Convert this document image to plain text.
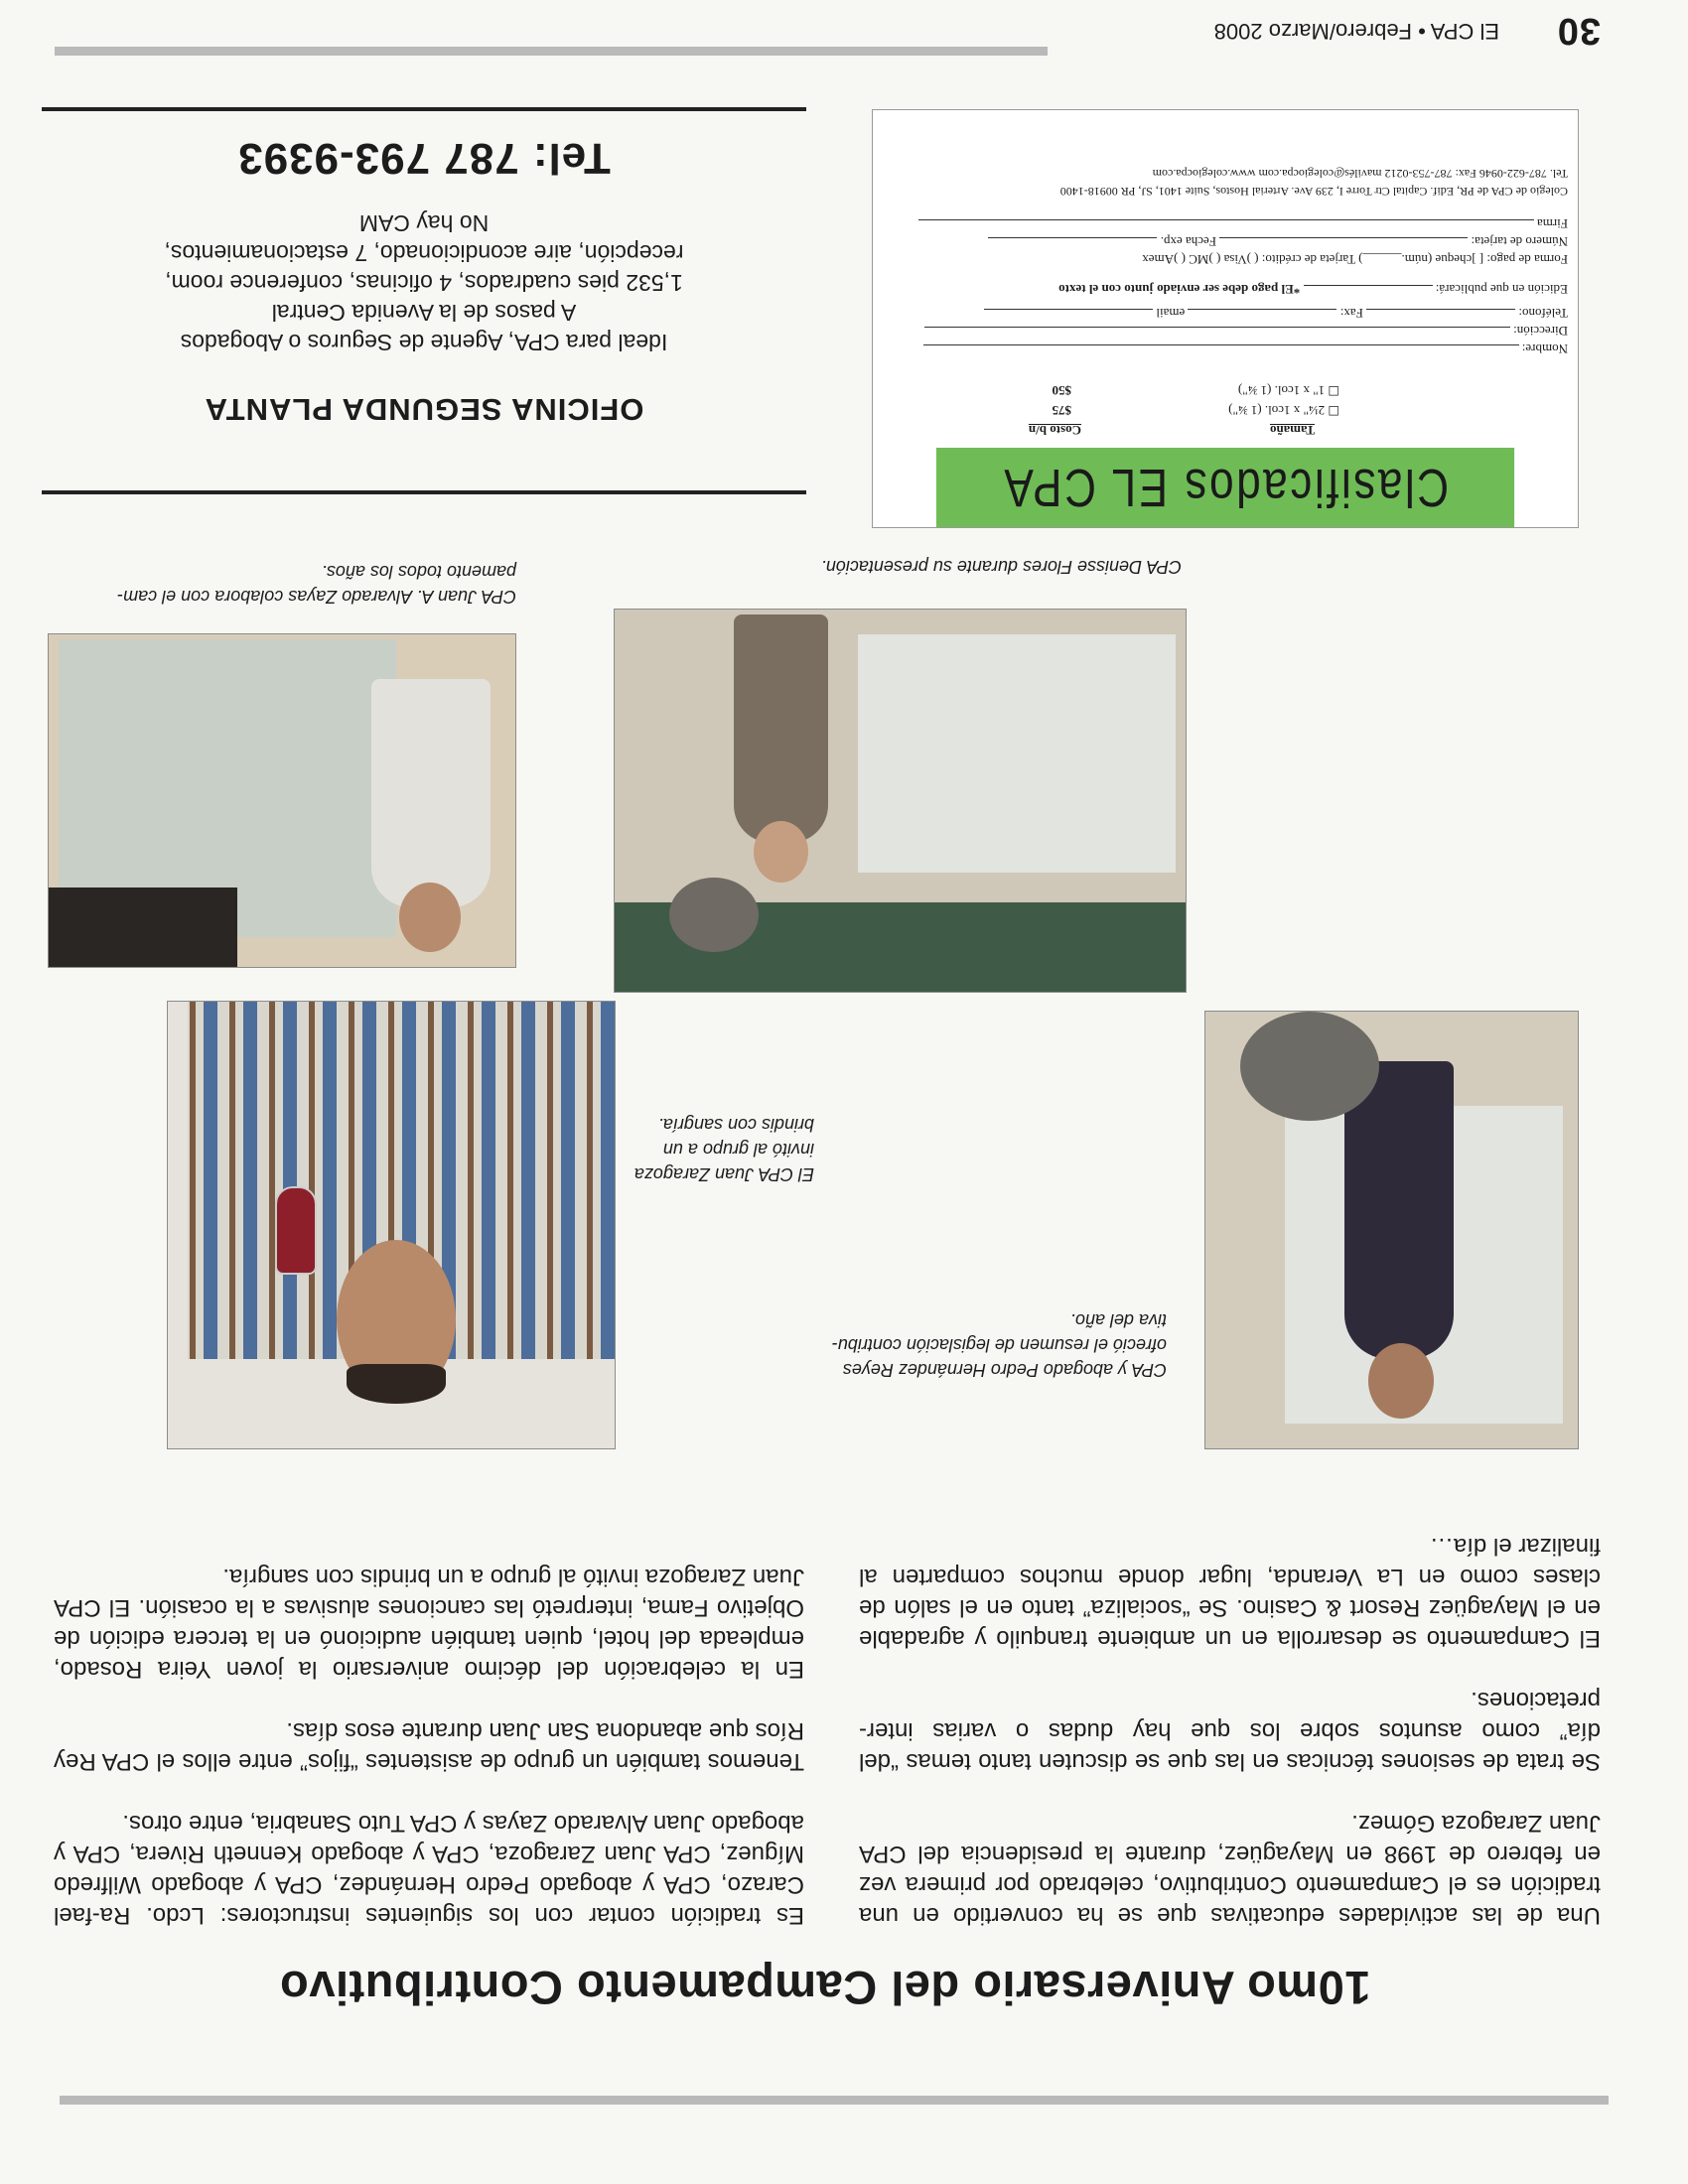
30
El CPA • Febrero/Marzo 2008
Clasificados EL CPA
Tamaño
Costo b/n
☐ 2¼" x 1col. (1 ¾")
$75
☐ 1" x 1col. (1 ¾")
$50
Nombre:
Dirección:
Teléfono:  Fax:  email
Edición en que publicará:  *El pago debe ser enviado junto con el texto
Forma de pago: [ ]cheque (núm.______) Tarjeta de crédito: ( )Visa ( )MC ( )Amex
Número de tarjeta:  Fecha exp.
Firma
Colegio de CPA de PR, Edif. Capital Ctr Torre I, 239 Ave. Arterial Hostos, Suite 1401, SJ, PR 00918-1400
Tel. 787-622-0946 Fax: 787-753-0212 mavilés@colegiocpa.com www.colegiocpa.com
Tel: 787 793-9393
Ideal para CPA, Agente de Seguros o Abogados
A pasos de la Avenida Central
1,532 pies cuadrados, 4 oficinas, conference room,
recepción, aire acondicionado, 7 estacionamientos,
No hay CAM
OFICINA SEGUNDA PLANTA
CPA Denisse Flores durante su presentación.
CPA Juan A. Alvarado Zayas colabora con el cam-pamento todos los años.
CPA y abogado Pedro Hernández Reyes ofreció el resumen de legislación contribu-tiva del año.
El CPA Juan Zaragoza invitó al grupo a un brindis con sangría.
10mo Aniversario del Campamento Contributivo

Una de las actividades educativas que se ha convertido en una tradición es el Campamento Contributivo, celebrado por primera vez en febrero de 1998 en Mayagüez, durante la presidencia del CPA Juan Zaragoza Gómez.

Se trata de sesiones técnicas en las que se discuten tanto temas “del día” como asuntos sobre los que hay dudas o varias inter-pretaciones.

El Campamento se desarrolla en un ambiente tranquilo y agradable en el Mayagüez Resort & Casino. Se “socializa” tanto en el salón de clases como en La Veranda, lugar donde muchos comparten al finalizar el día…

Es tradición contar con los siguientes instructores: Lcdo. Ra-fael Carazo, CPA y abogado Pedro Hernández, CPA y abogado Wilfredo Míguez, CPA Juan Zaragoza, CPA y abogado Kenneth Rivera, CPA y abogado Juan Alvarado Zayas y CPA Tuto Sanabria, entre otros.

Tenemos también un grupo de asistentes “fijos” entre ellos el CPA Rey Ríos que abandona San Juan durante esos días.

En la celebración del décimo aniversario la joven Yeira Rosado, empleada del hotel, quien también audicionó en la tercera edición de Objetivo Fama, interpretó las canciones alusivas a la ocasión. El CPA Juan Zaragoza invitó al grupo a un brindis con sangría.
